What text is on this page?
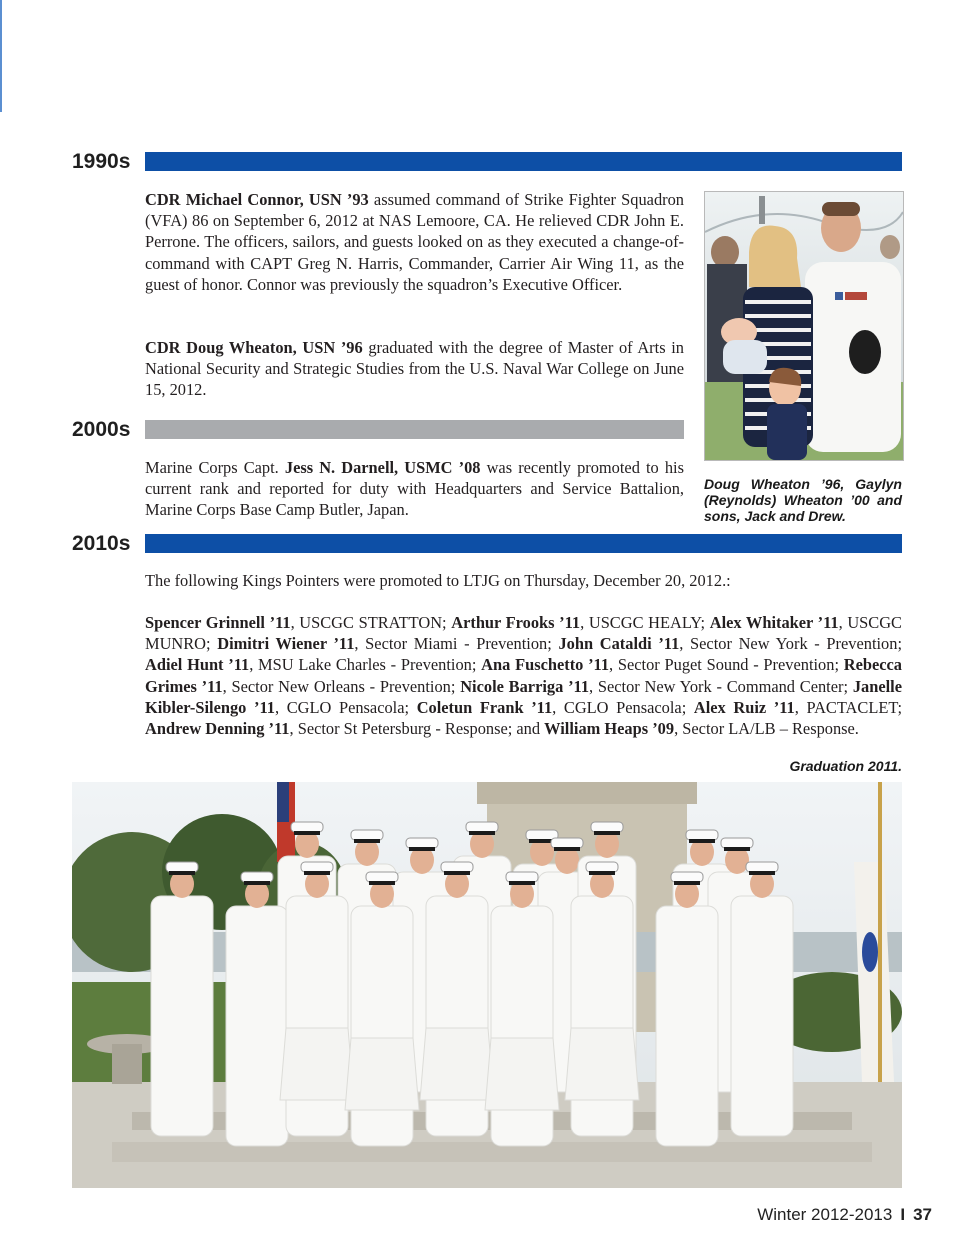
1990s

CDR Michael Connor, USN ’93 assumed command of Strike Fighter Squadron (VFA) 86 on September 6, 2012 at NAS Lemoore, CA. He relieved CDR John E. Perrone. The officers, sailors, and guests looked on as they executed a change-of-command with CAPT Greg N. Harris, Commander, Carrier Air Wing 11, as the guest of honor. Connor was previously the squadron’s Executive Officer.

CDR Doug Wheaton, USN ’96 graduated with the degree of Master of Arts in National Security and Strategic Studies from the U.S. Naval War College on June 15, 2012.

Doug Wheaton ’96, Gaylyn (Reynolds) Wheaton ’00 and sons, Jack and Drew.

2000s

Marine Corps Capt. Jess N. Darnell, USMC ’08 was recently promoted to his current rank and reported for duty with Headquarters and Service Battalion, Marine Corps Base Camp Butler, Japan.

2010s

The following Kings Pointers were promoted to LTJG on Thursday, December 20, 2012.:

Spencer Grinnell ’11, USCGC STRATTON; Arthur Frooks ’11, USCGC HEALY; Alex Whitaker ’11, USCGC MUNRO; Dimitri Wiener ’11, Sector Miami - Prevention; John Cataldi ’11, Sector New York - Prevention; Adiel Hunt ’11, MSU Lake Charles - Prevention; Ana Fuschetto ’11, Sector Puget Sound - Prevention; Rebecca Grimes ’11, Sector New Orleans - Prevention; Nicole Barriga ’11, Sector New York - Command Center; Janelle Kibler-Silengo ’11, CGLO Pensacola; Coletun Frank ’11, CGLO Pensacola; Alex Ruiz ’11, PACTACLET; Andrew Denning ’11, Sector St Petersburg - Response; and William Heaps ’09, Sector LA/LB – Response.

Graduation 2011.

Winter 2012-2013 I 37
